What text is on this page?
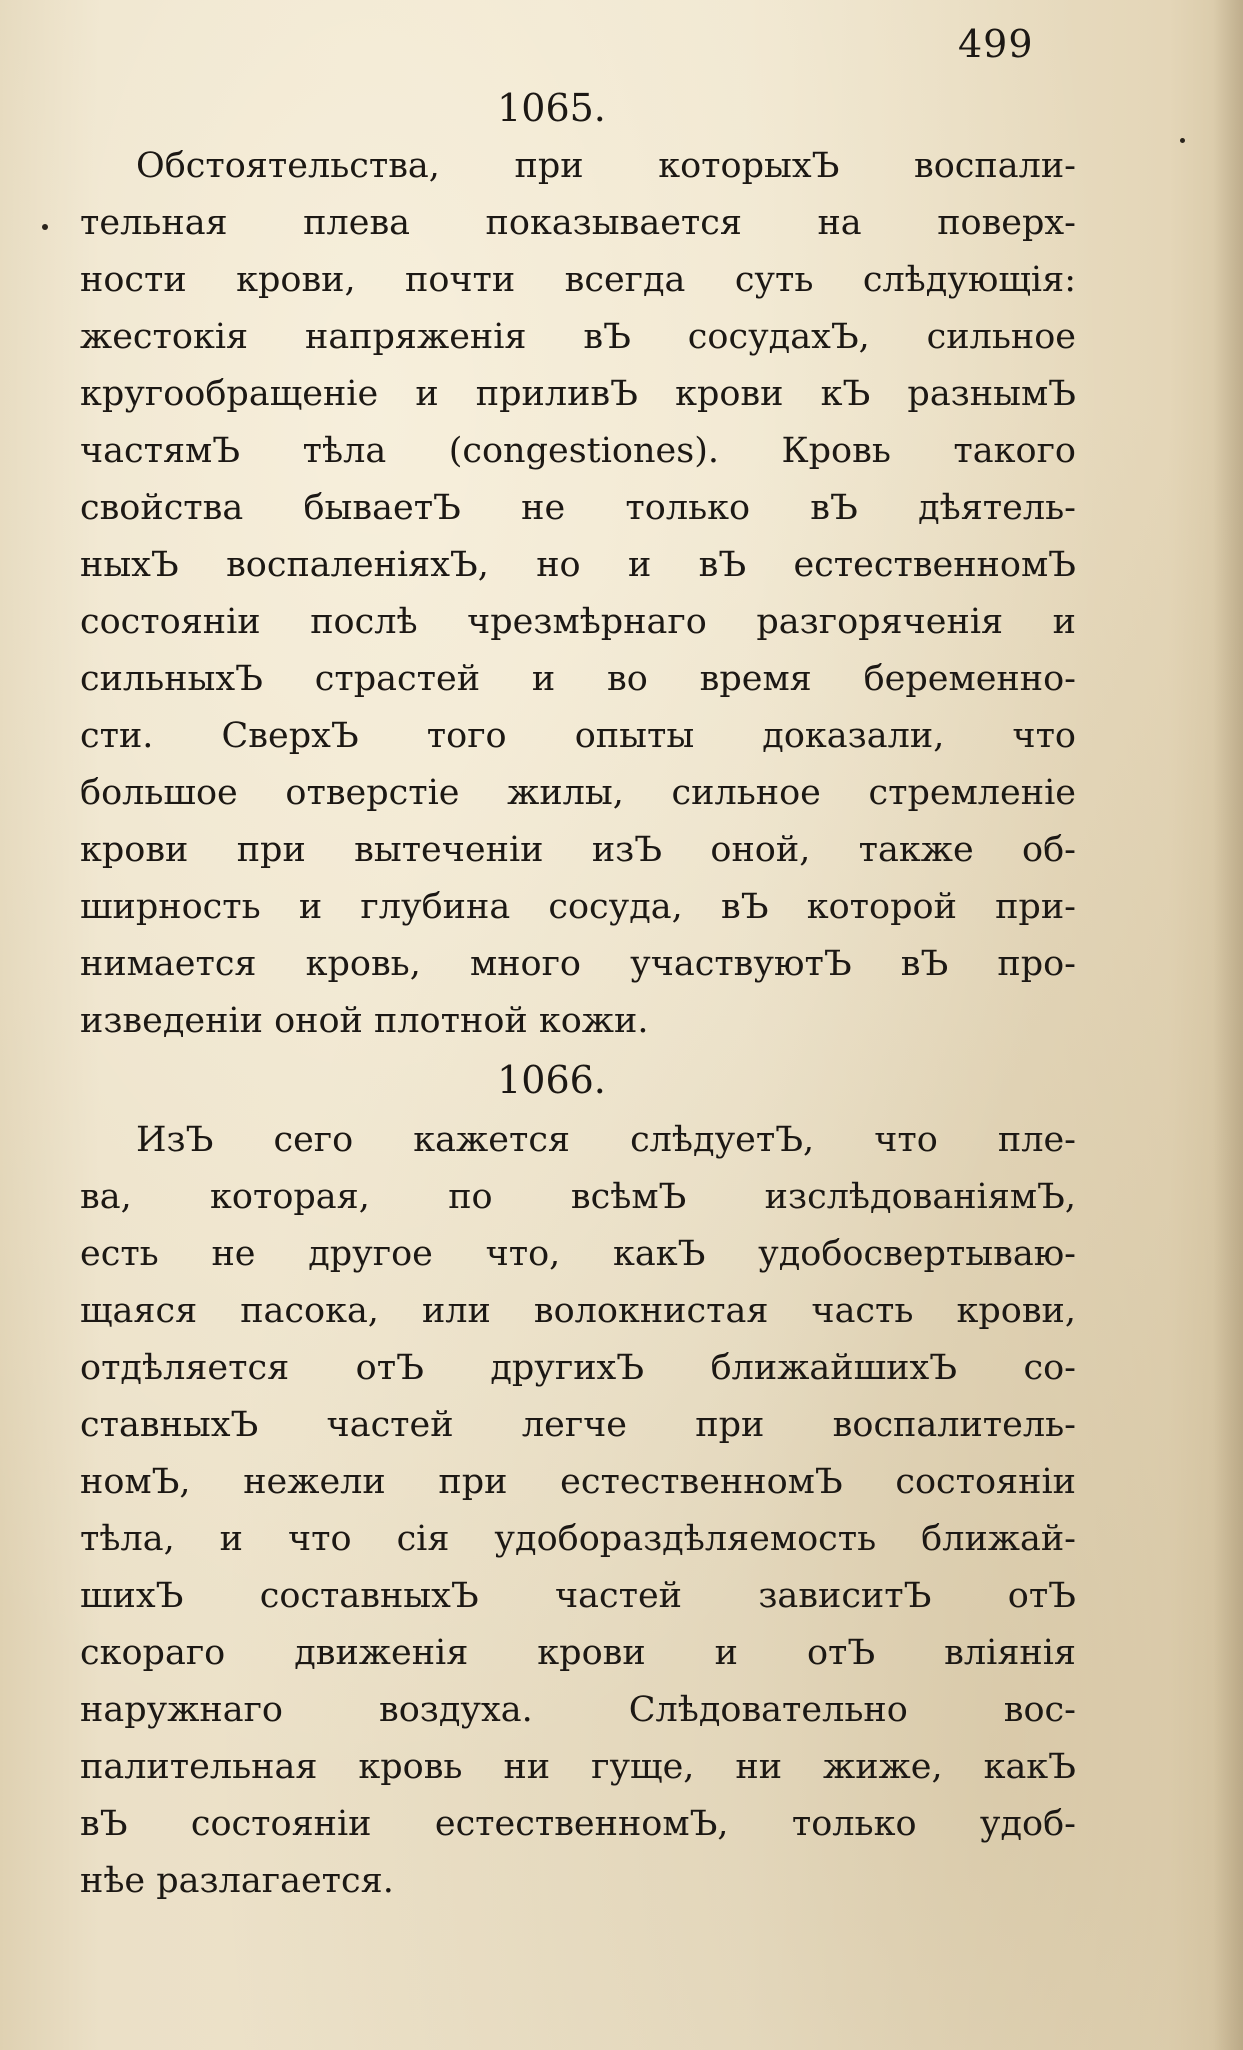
499
1065.
Обстоятельства, при которыхЪ воспали-
тельная плева показывается на поверх-
ности крови, почти всегда суть слѣдующія:
жестокія напряженія вЪ сосудахЪ, сильное
кругообращеніе и приливЪ крови кЪ разнымЪ
частямЪ тѣла (congestiones). Кровь такого
свойства бываетЪ не только вЪ дѣятель-
ныхЪ воспаленіяхЪ, но и вЪ естественномЪ
состояніи послѣ чрезмѣрнаго разгоряченія и
сильныхЪ страстей и во время беременно-
сти. СверхЪ того опыты доказали, что
большое отверстіе жилы, сильное стремленіе
крови при вытеченіи изЪ оной, также об-
ширность и глубина сосуда, вЪ которой при-
нимается кровь, много участвуютЪ вЪ про-
изведеніи оной плотной кожи.
1066.
ИзЪ сего кажется слѣдуетЪ, что пле-
ва, которая, по всѣмЪ изслѣдованіямЪ,
есть не другое что, какЪ удобосвертываю-
щаяся пасока, или волокнистая часть крови,
отдѣляется отЪ другихЪ ближайшихЪ со-
ставныхЪ частей легче при воспалитель-
номЪ, нежели при естественномЪ состояніи
тѣла, и что сія удобораздѣляемость ближай-
шихЪ составныхЪ частей зависитЪ отЪ
скораго движенія крови и отЪ вліянія
наружнаго воздуха. Слѣдовательно вос-
палительная кровь ни гуще, ни жиже, какЪ
вЪ состояніи естественномЪ, только удоб-
нѣе разлагается.
